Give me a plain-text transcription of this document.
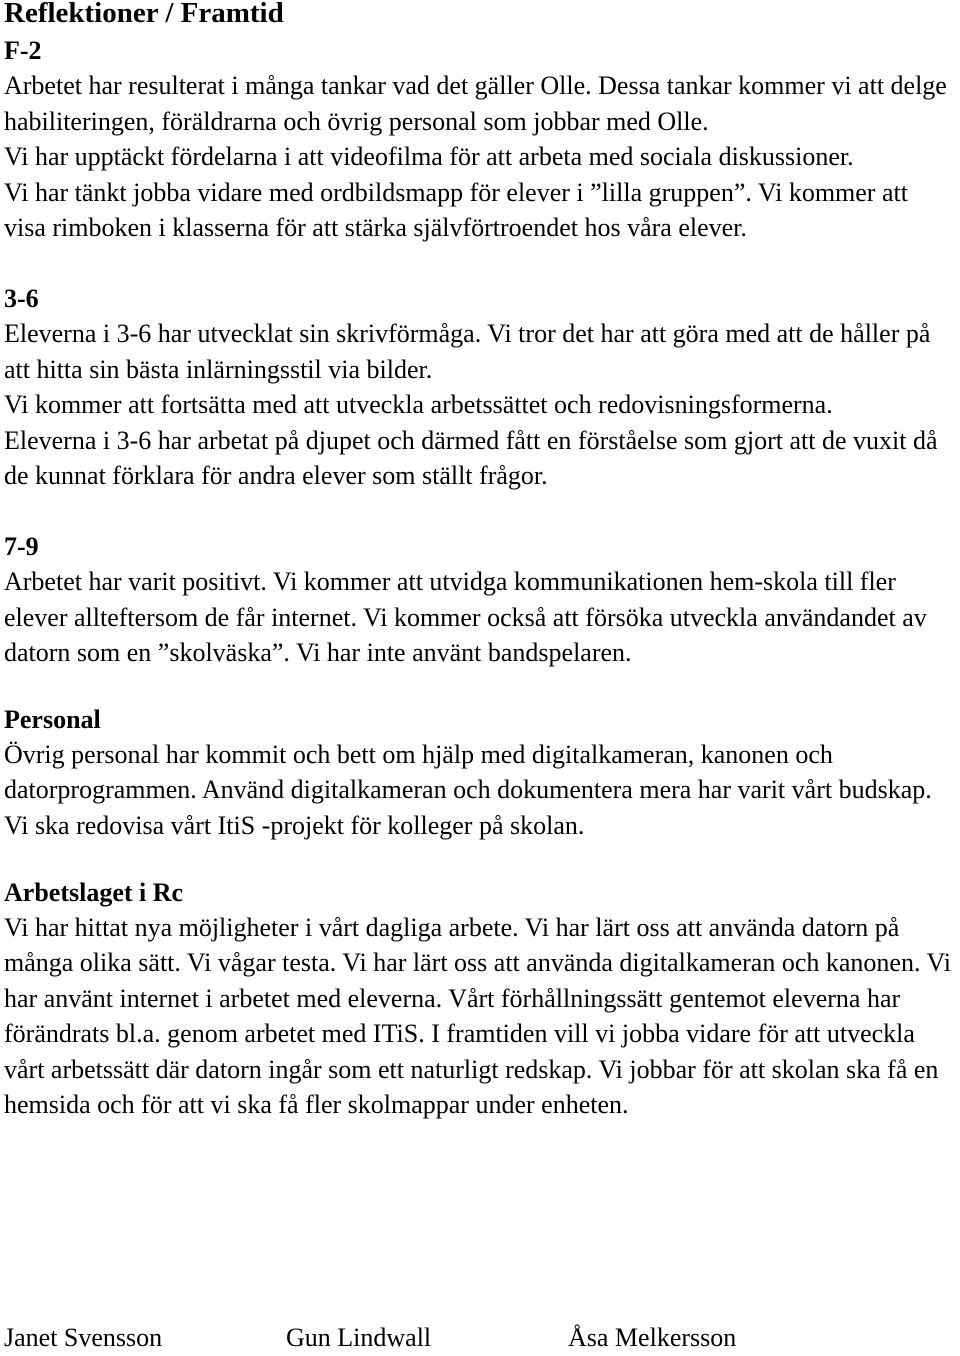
Reflektioner / Framtid
F-2

Arbetet har resulterat i många tankar vad det gäller Olle. Dessa tankar kommer vi att delge habiliteringen, föräldrarna och övrig personal som jobbar med Olle.

Vi har upptäckt fördelarna i att videofilma för att arbeta med sociala diskussioner.

Vi har tänkt jobba vidare med ordbildsmapp för elever i ”lilla gruppen”. Vi kommer att visa rimboken i klasserna för att stärka självförtroendet hos våra elever.

3-6

Eleverna i 3-6 har utvecklat sin skrivförmåga. Vi tror det har att göra med att de håller på att hitta sin bästa inlärningsstil via bilder.

Vi kommer att fortsätta med att utveckla arbetssättet och redovisningsformerna.

Eleverna i 3-6 har arbetat på djupet och därmed fått en förståelse som gjort att de vuxit då de kunnat förklara för andra elever som ställt frågor.

7-9

Arbetet har varit positivt. Vi kommer att utvidga kommunikationen hem-skola till fler elever allteftersom de får internet. Vi kommer också att försöka utveckla användandet av datorn som en ”skolväska”. Vi har inte använt bandspelaren.

Personal

Övrig personal har kommit och bett om hjälp med digitalkameran, kanonen och datorprogrammen. Använd digitalkameran och dokumentera mera har varit vårt budskap. Vi ska redovisa vårt ItiS -projekt för kolleger på skolan.

Arbetslaget i Rc

Vi har hittat nya möjligheter i vårt dagliga arbete. Vi har lärt oss att använda datorn på många olika sätt. Vi vågar testa. Vi har lärt oss att använda digitalkameran och kanonen. Vi har använt internet i arbetet med eleverna. Vårt förhållningssätt gentemot eleverna har förändrats bl.a. genom arbetet med ITiS. I framtiden vill vi jobba vidare för att utveckla vårt arbetssätt där datorn ingår som ett naturligt redskap. Vi jobbar för att skolan ska få en hemsida och för att vi ska få fler skolmappar under enheten.

Janet Svensson	Gun Lindwall	Åsa Melkersson
